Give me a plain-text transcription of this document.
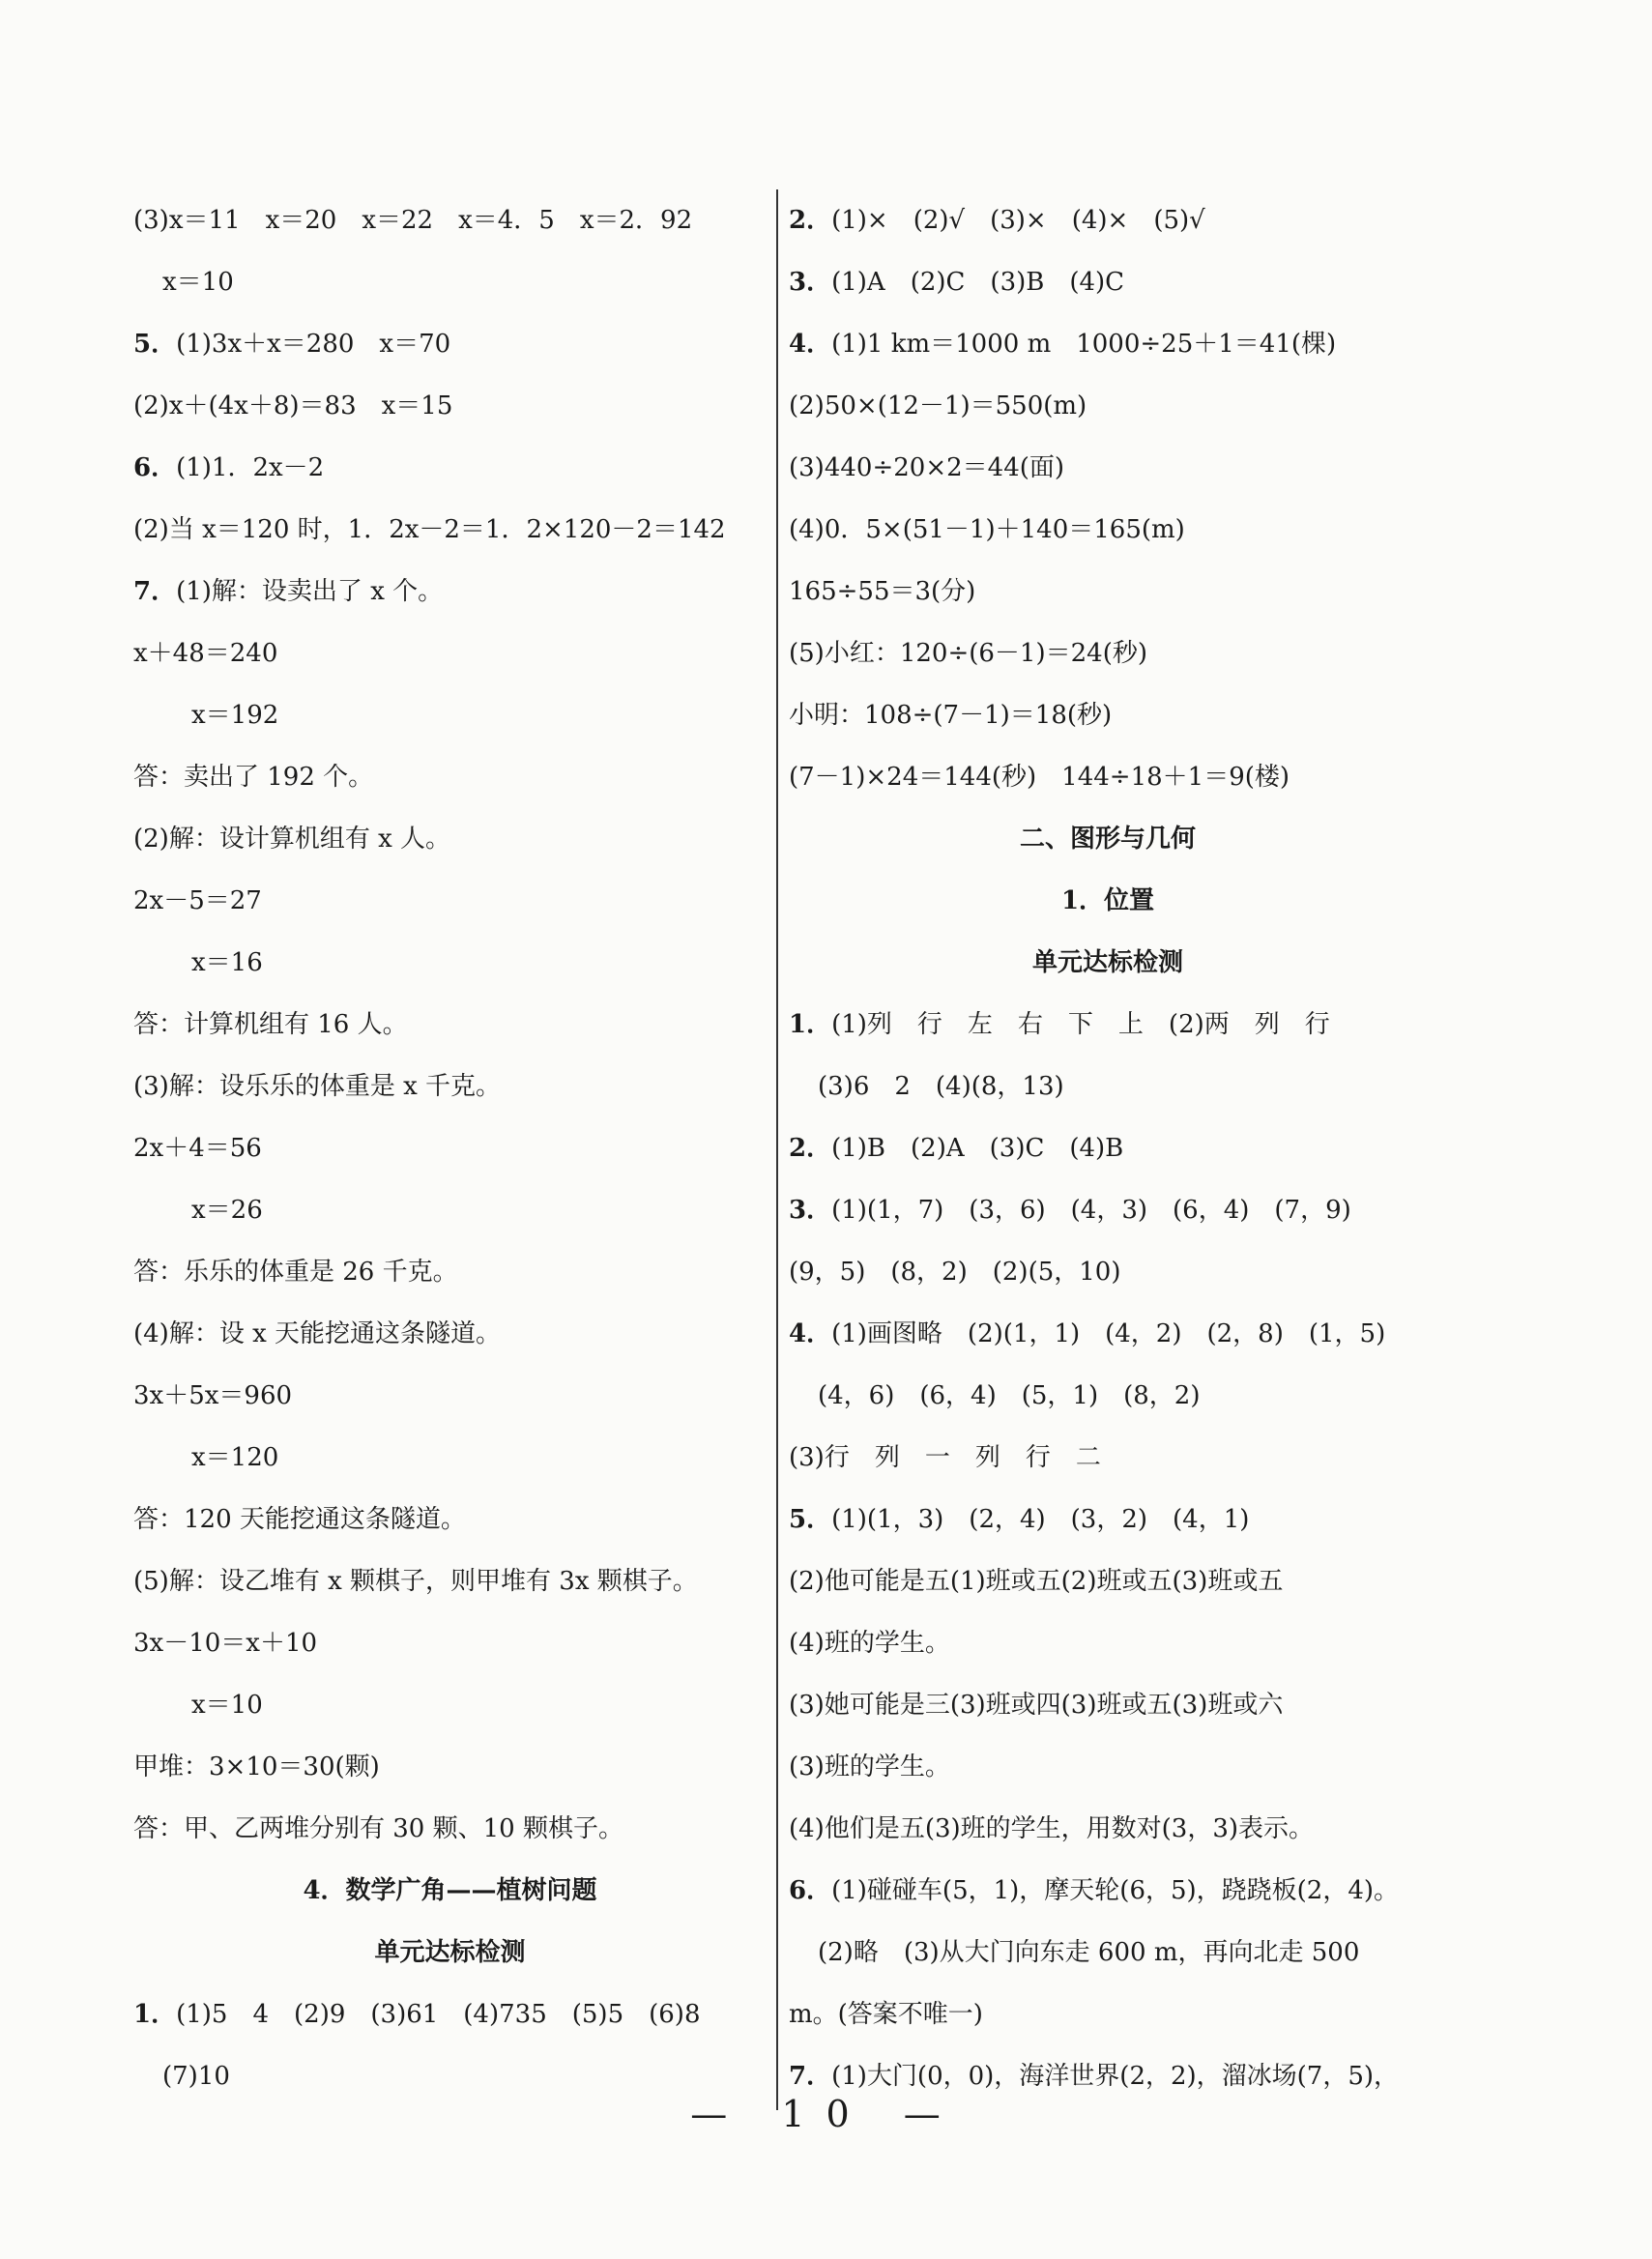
(3)x＝11　x＝20　x＝22　x＝4．5　x＝2．92
x＝10
5．(1)3x＋x＝280　x＝70
(2)x＋(4x＋8)＝83　x＝15
6．(1)1．2x－2
(2)当 x＝120 时，1．2x－2＝1．2×120－2＝142
7．(1)解：设卖出了 x 个。
x＋48＝240
x＝192
答：卖出了 192 个。
(2)解：设计算机组有 x 人。
2x－5＝27
x＝16
答：计算机组有 16 人。
(3)解：设乐乐的体重是 x 千克。
2x＋4＝56
x＝26
答：乐乐的体重是 26 千克。
(4)解：设 x 天能挖通这条隧道。
3x＋5x＝960
x＝120
答：120 天能挖通这条隧道。
(5)解：设乙堆有 x 颗棋子，则甲堆有 3x 颗棋子。
3x－10＝x＋10
x＝10
甲堆：3×10＝30(颗)
答：甲、乙两堆分别有 30 颗、10 颗棋子。
4．数学广角——植树问题
单元达标检测
1．(1)5　4　(2)9　(3)61　(4)735　(5)5　(6)8
(7)10
2．(1)×　(2)√　(3)×　(4)×　(5)√
3．(1)A　(2)C　(3)B　(4)C
4．(1)1 km＝1000 m　1000÷25＋1＝41(棵)
(2)50×(12－1)＝550(m)
(3)440÷20×2＝44(面)
(4)0．5×(51－1)＋140＝165(m)
165÷55＝3(分)
(5)小红：120÷(6－1)＝24(秒)
小明：108÷(7－1)＝18(秒)
(7－1)×24＝144(秒)　144÷18＋1＝9(楼)
二、图形与几何
1．位置
单元达标检测
1．(1)列　行　左　右　下　上　(2)两　列　行
(3)6　2　(4)(8，13)
2．(1)B　(2)A　(3)C　(4)B
3．(1)(1，7)　(3，6)　(4，3)　(6，4)　(7，9)
(9，5)　(8，2)　(2)(5，10)
4．(1)画图略　(2)(1，1)　(4，2)　(2，8)　(1，5)
(4，6)　(6，4)　(5，1)　(8，2)
(3)行　列　一　列　行　二
5．(1)(1，3)　(2，4)　(3，2)　(4，1)
(2)他可能是五(1)班或五(2)班或五(3)班或五
(4)班的学生。
(3)她可能是三(3)班或四(3)班或五(3)班或六
(3)班的学生。
(4)他们是五(3)班的学生，用数对(3，3)表示。
6．(1)碰碰车(5，1)，摩天轮(6，5)，跷跷板(2，4)。
(2)略　(3)从大门向东走 600 m，再向北走 500
m。(答案不唯一)
7．(1)大门(0，0)，海洋世界(2，2)，溜冰场(7，5)，
— 10 —
